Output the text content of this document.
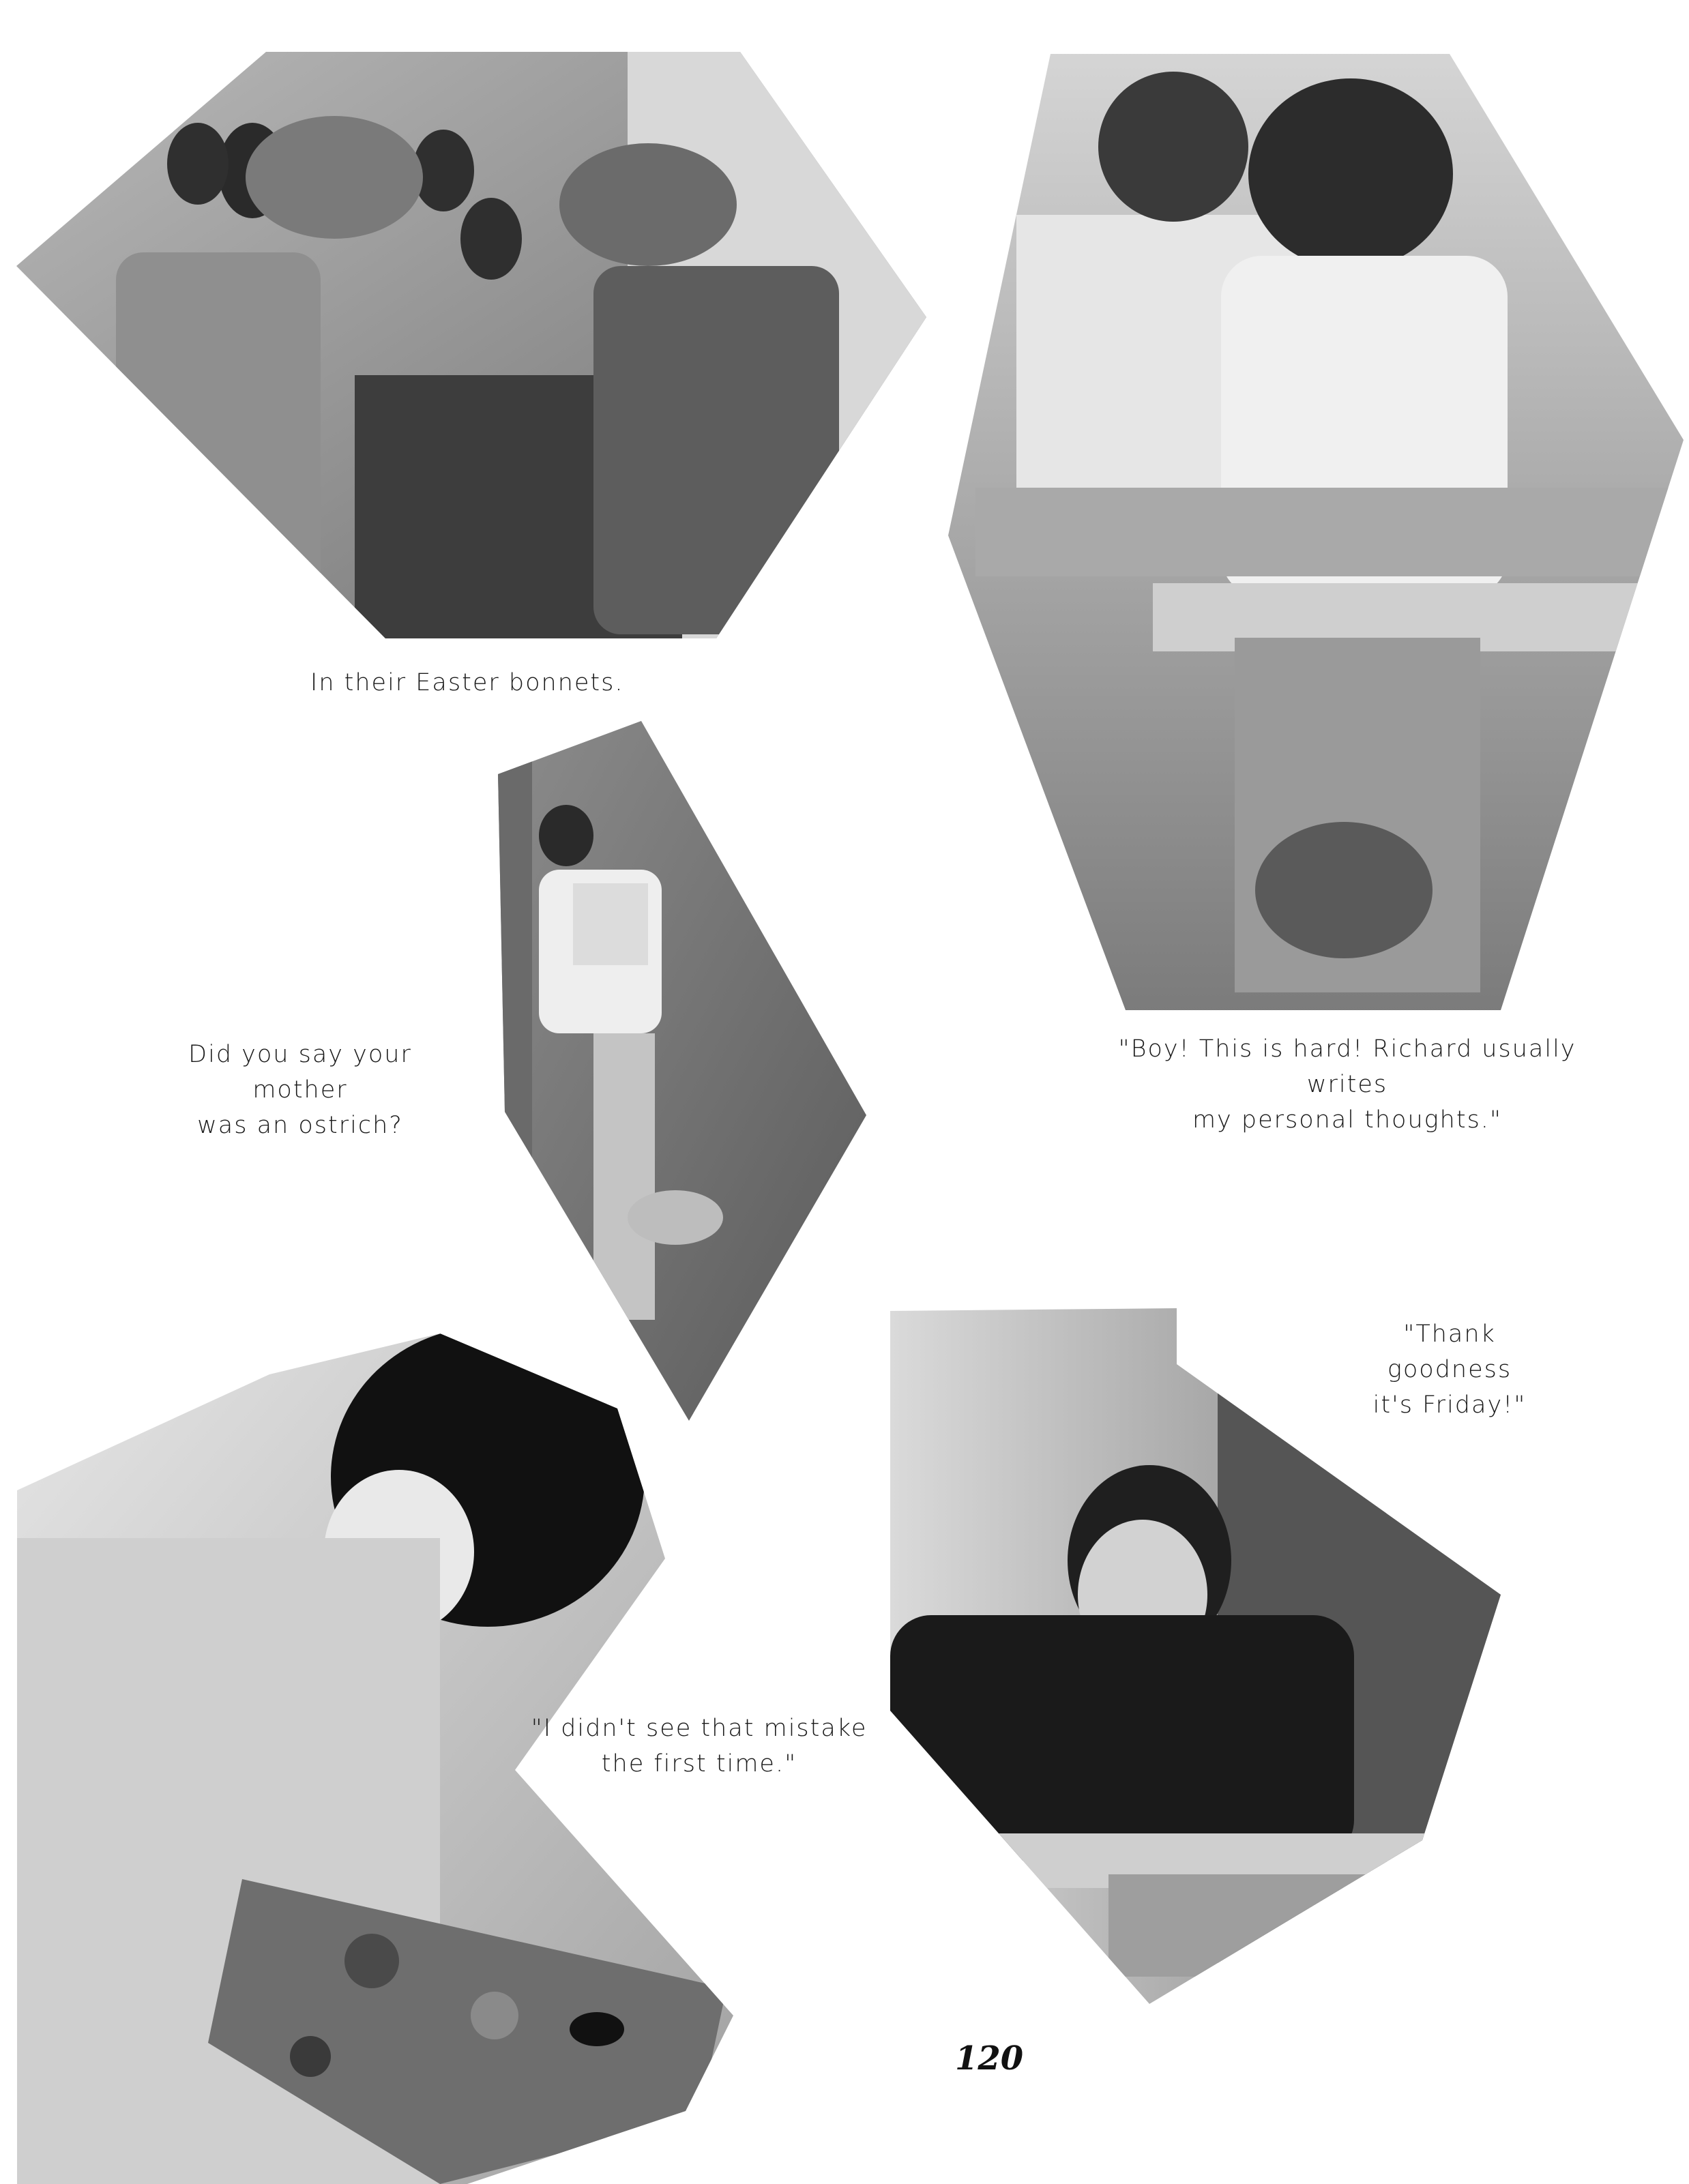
In their Easter bonnets.
Did you say your mother
was an ostrich?
"Boy! This is hard! Richard usually writes
my personal thoughts."
"Thank goodness
it's Friday!"
"I didn't see that mistake
the first time."
120
